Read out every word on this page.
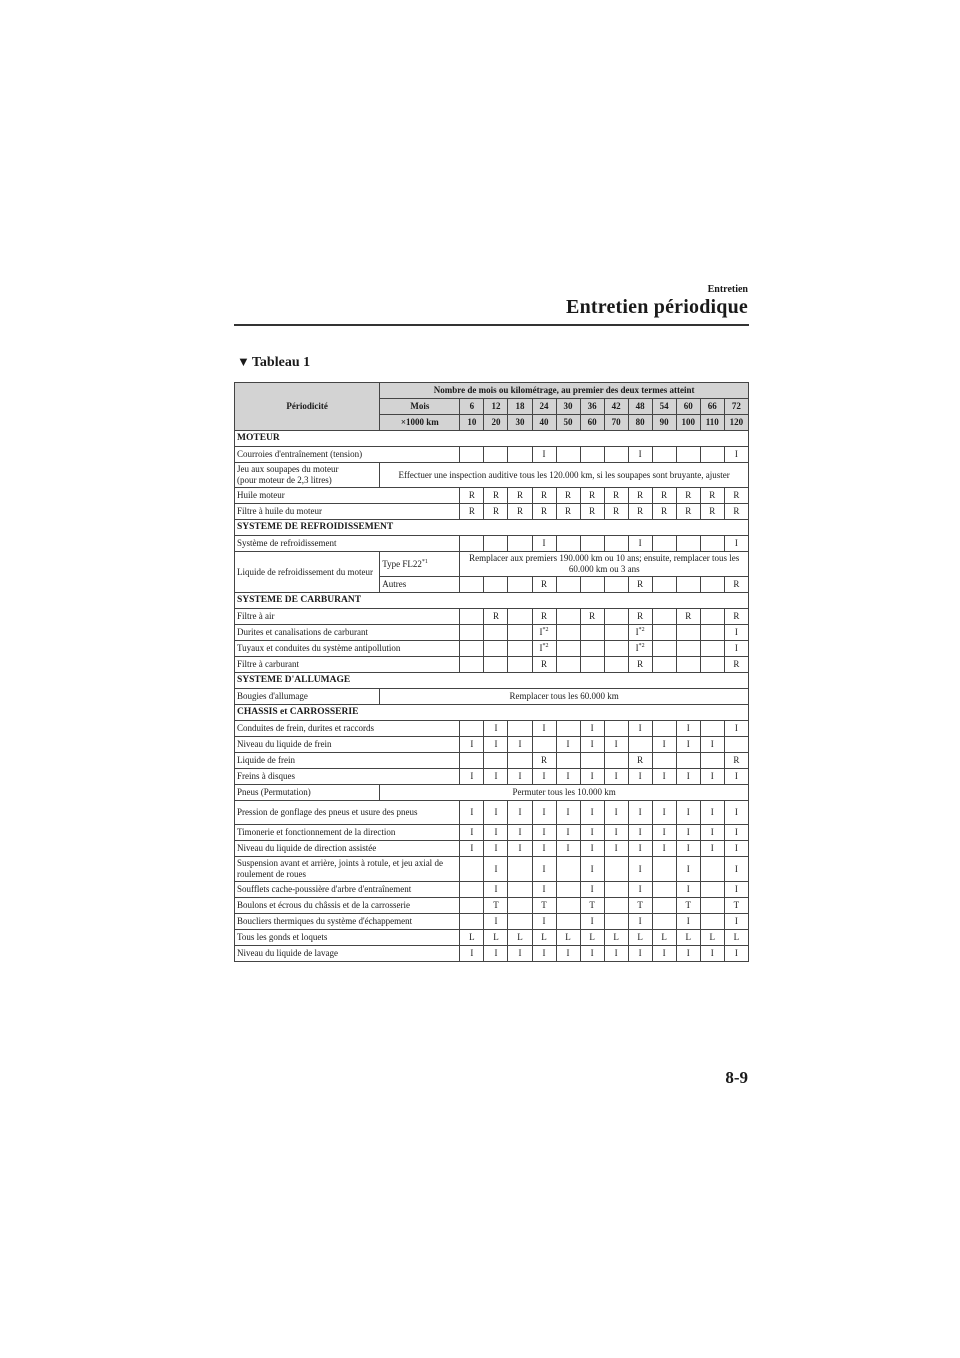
Entretien
Entretien périodique
▼ Tableau 1
Périodicité	Nombre de mois ou kilométrage, au premier des deux termes atteint												
	Mois	6	12	18	24	30	36	42	48	54	60	66	72
	×1000 km	10	20	30	40	50	60	70	80	90	100	110	120
MOTEUR													
Courroies d'entraînement (tension)					I				I				I
Jeu aux soupapes du moteur
(pour moteur de 2,3 litres)	Effectuer une inspection auditive tous les 120.000 km, si les soupapes sont bruyante, ajuster												
Huile moteur		R	R	R	R	R	R	R	R	R	R	R	R
Filtre à huile du moteur		R	R	R	R	R	R	R	R	R	R	R	R
SYSTEME DE REFROIDISSEMENT													
Système de refroidissement					I				I				I
Liquide de refroidissement du moteur	Type FL22$^{*1}$	Remplacer aux premiers 190.000 km ou 10 ans; ensuite, remplacer tous les 60.000 km ou 3 ans											
	Autres				R				R				R
SYSTEME DE CARBURANT													
Filtre à air			R		R		R		R		R		R
Durites et canalisations de carburant					$I^{*2}$				$I^{*2}$				I
Tuyaux et conduites du système antipollution					$I^{*2}$				$I^{*2}$				I
Filtre à carburant					R				R				R
SYSTEME D'ALLUMAGE													
Bougies d'allumage	Remplacer tous les 60.000 km												
CHASSIS et CARROSSERIE													
Conduites de frein, durites et raccords			I		I		I		I		I		I
Niveau du liquide de frein		I	I	I		I	I	I		I	I	I	
Liquide de frein					R				R				R
Freins à disques		I	I	I	I	I	I	I	I	I	I	I	I
Pneus (Permutation)	Permuter tous les 10.000 km												
Pression de gonflage des pneus et usure des pneus		I	I	I	I	I	I	I	I	I	I	I	I
Timonerie et fonctionnement de la direction		I	I	I	I	I	I	I	I	I	I	I	I
Niveau du liquide de direction assistée		I	I	I	I	I	I	I	I	I	I	I	I
Suspension avant et arrière, joints à rotule, et jeu axial de roulement de roues			I		I		I		I		I		I
Soufflets cache-poussière d'arbre d'entraînement			I		I		I		I		I		I
Boulons et écrous du châssis et de la carrosserie			T		T		T		T		T		T
Boucliers thermiques du système d'échappement			I		I		I		I		I		I
Tous les gonds et loquets		L	L	L	L	L	L	L	L	L	L	L	L
Niveau du liquide de lavage		I	I	I	I	I	I	I	I	I	I	I	I
8-9
